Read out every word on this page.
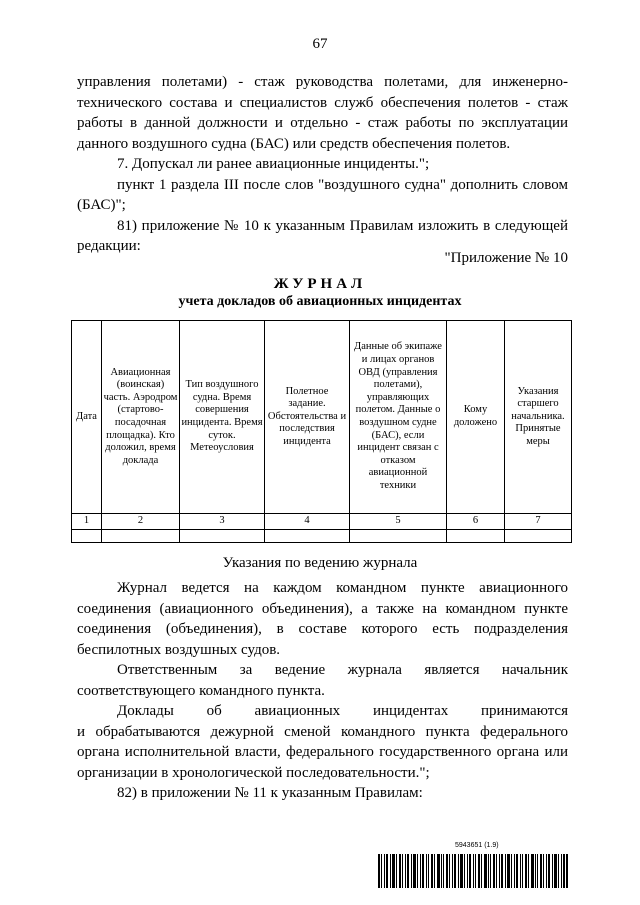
67

управления полетами) - стаж руководства полетами, для инженерно-

технического состава и специалистов служб обеспечения полетов - стаж

работы в данной должности и отдельно - стаж работы по эксплуатации

данного воздушного судна (БАС) или средств обеспечения полетов.

7. Допускал ли ранее авиационные инциденты.";

пункт 1 раздела III после слов "воздушного судна" дополнить словом

(БАС)";

81) приложение № 10 к указанным Правилам изложить в следующей

редакции:

"Приложение № 10
ЖУРНАЛ
учета докладов об авиационных инцидентах
Дата	Авиационная (воинская) часть. Аэродром (стартово-посадочная площадка). Кто доложил, время доклада	Тип воздушного судна. Время совершения инцидента. Время суток. Метеоусловия	Полетное задание. Обстоятельства и последствия инцидента	Данные об экипаже и лицах органов ОВД (управления полетами), управляющих полетом. Данные о воздушном судне (БАС), если инцидент связан с отказом авиационной техники	Кому доложено	Указания старшего начальника. Принятые меры
1	2	3	4	5	6	7

Указания по ведению журнала

Журнал ведется на каждом командном пункте авиационного

соединения (авиационного объединения), а также на командном пункте

соединения (объединения), в составе которого есть подразделения

беспилотных воздушных судов.

Ответственным за ведение журнала является начальник

соответствующего командного пункта.

Доклады об авиационных инцидентах принимаются

и обрабатываются дежурной сменой командного пункта федерального

органа исполнительной власти, федерального государственного органа или

организации в хронологической последовательности.";

82) в приложении № 11 к указанным Правилам:

5943651 (1.9)
